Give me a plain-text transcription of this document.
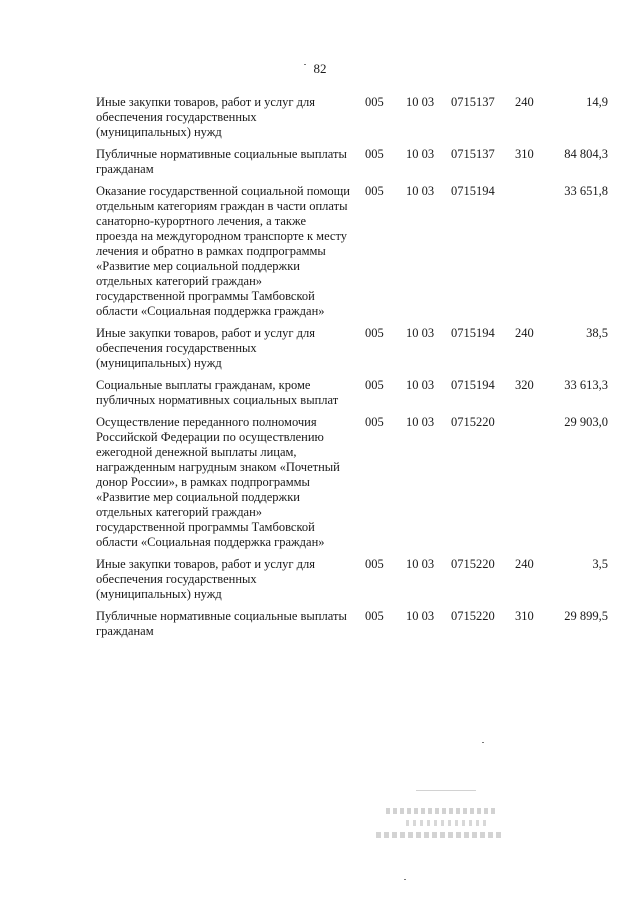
82
Иные закупки товаров, работ и услуг для обеспечения государственных (муниципальных) нужд	005	10 03	0715137	240	14,9
Публичные нормативные социальные выплаты гражданам	005	10 03	0715137	310	84 804,3
Оказание государственной социальной помощи отдельным категориям граждан в части оплаты санаторно-курортного лечения, а также проезда на междугородном транспорте к месту лечения и обратно в рамках подпрограммы «Развитие мер социальной поддержки отдельных категорий граждан» государственной программы Тамбовской области «Социальная поддержка граждан»	005	10 03	0715194		33 651,8
Иные закупки товаров, работ и услуг для обеспечения государственных (муниципальных) нужд	005	10 03	0715194	240	38,5
Социальные выплаты гражданам, кроме публичных нормативных социальных выплат	005	10 03	0715194	320	33 613,3
Осуществление переданного полномочия Российской Федерации по осуществлению ежегодной денежной выплаты лицам, награжденным нагрудным знаком «Почетный донор России», в рамках подпрограммы «Развитие мер социальной поддержки отдельных категорий граждан» государственной программы Тамбовской области «Социальная поддержка граждан»	005	10 03	0715220		29 903,0
Иные закупки товаров, работ и услуг для обеспечения государственных (муниципальных) нужд	005	10 03	0715220	240	3,5
Публичные нормативные социальные выплаты гражданам	005	10 03	0715220	310	29 899,5
